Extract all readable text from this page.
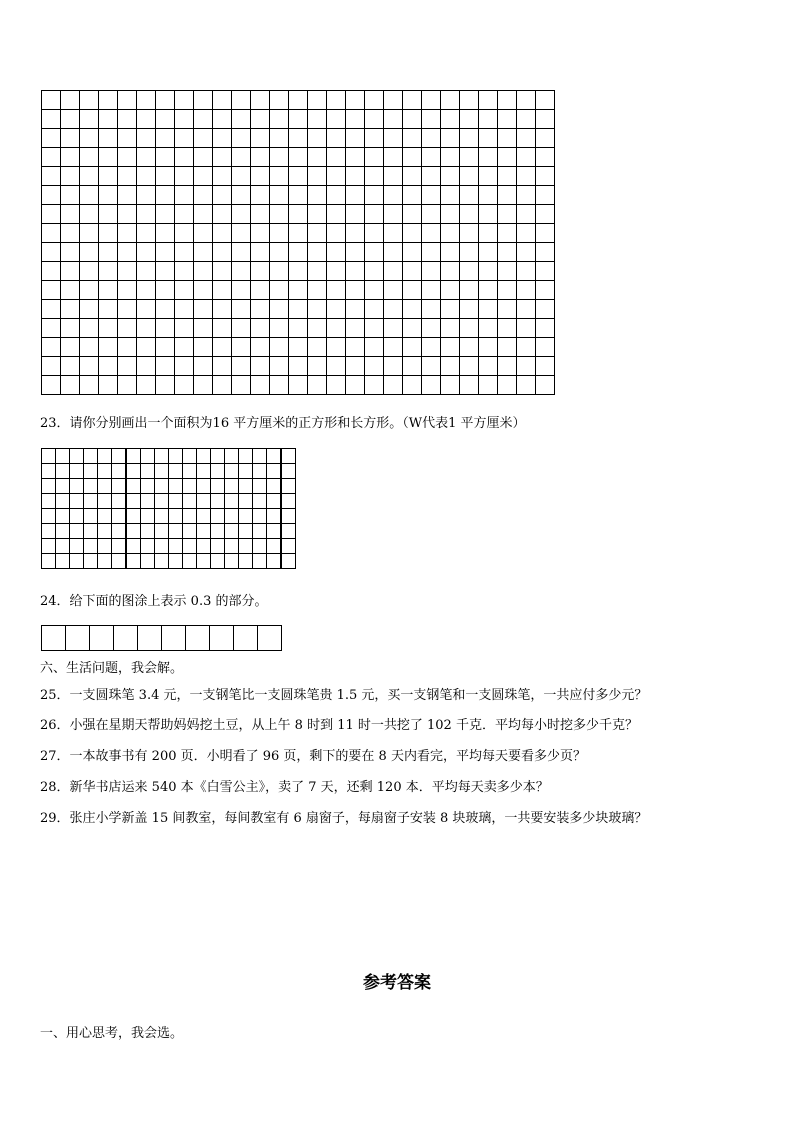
23．请你分别画出一个面积为16 平方厘米的正方形和长方形。（W代表1 平方厘米）

24．给下面的图涂上表示 0.3 的部分。

六、生活问题，我会解。
25．一支圆珠笔 3.4 元，一支钢笔比一支圆珠笔贵 1.5 元，买一支钢笔和一支圆珠笔，一共应付多少元？
26．小强在星期天帮助妈妈挖土豆，从上午 8 时到 11 时一共挖了 102 千克．平均每小时挖多少千克？
27．一本故事书有 200 页．小明看了 96 页，剩下的要在 8 天内看完，平均每天要看多少页？
28．新华书店运来 540 本《白雪公主》，卖了 7 天，还剩 120 本．平均每天卖多少本？
29．张庄小学新盖 15 间教室，每间教室有 6 扇窗子，每扇窗子安装 8 块玻璃，一共要安装多少块玻璃？
参考答案
一、用心思考，我会选。
